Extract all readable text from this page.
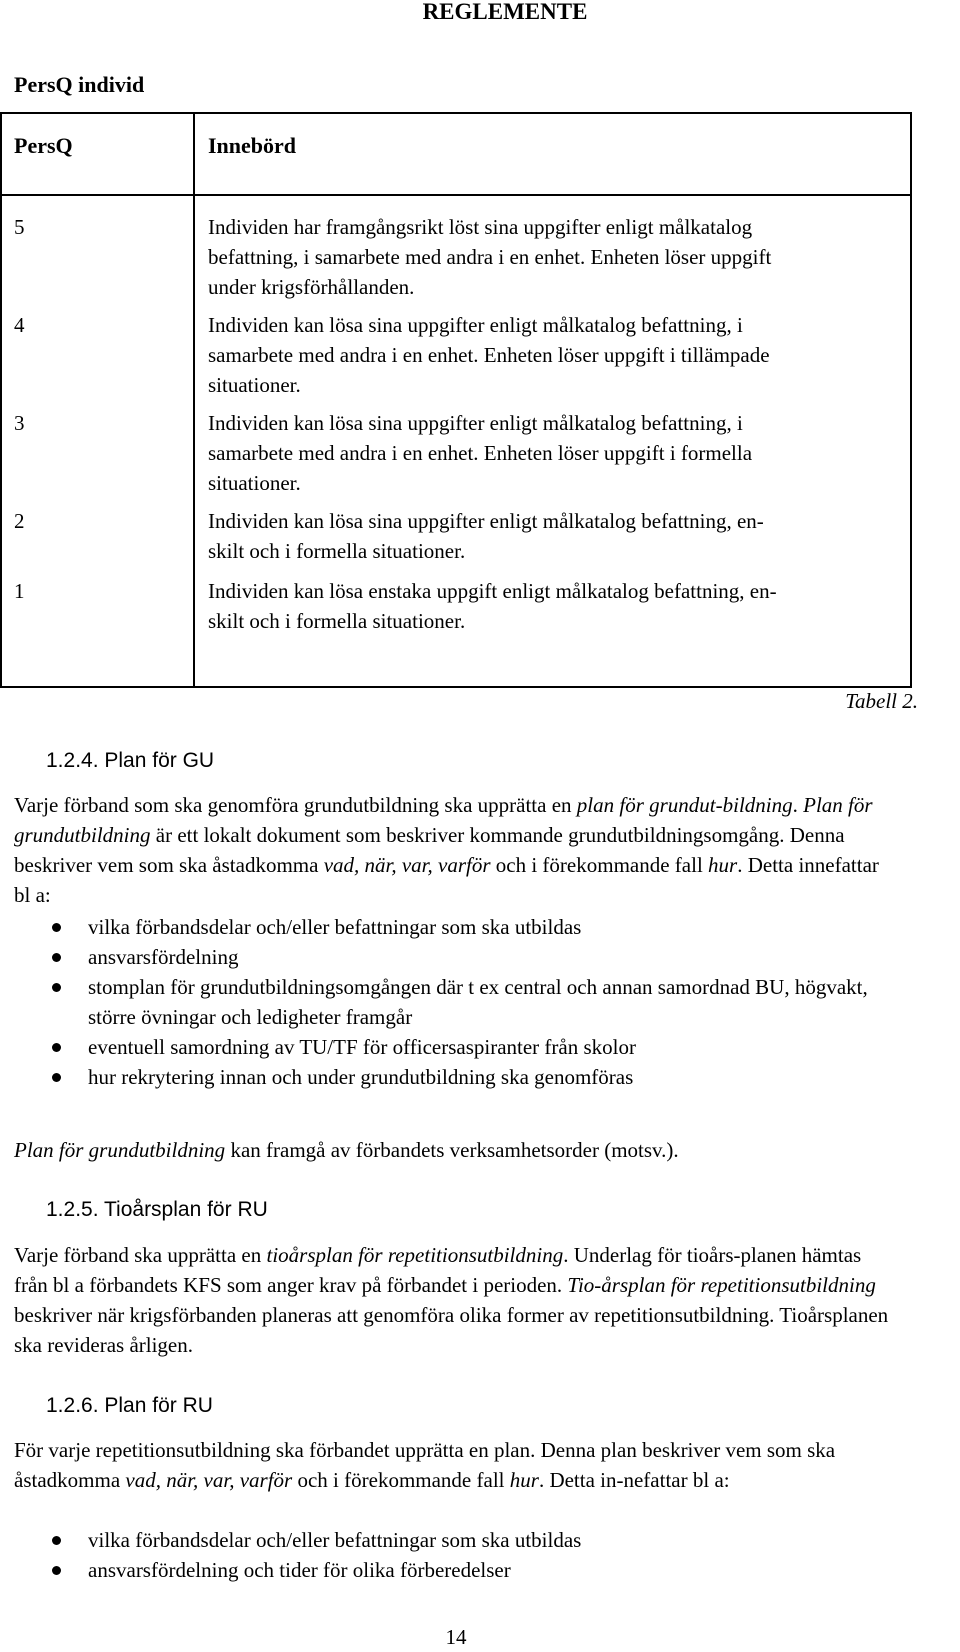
REGLEMENTE
PersQ individ
PersQ	Innebörd
5	Individen har framgångsrikt löst sina uppgifter enligt målkatalog
befattning, i samarbete med andra i en enhet. Enheten löser uppgift
under krigsförhållanden.
4	Individen kan lösa sina uppgifter enligt målkatalog befattning, i
samarbete med andra i en enhet. Enheten löser uppgift i tillämpade
situationer.
3	Individen kan lösa sina uppgifter enligt målkatalog befattning, i
samarbete med andra i en enhet. Enheten löser uppgift i formella
situationer.
2	Individen kan lösa sina uppgifter enligt målkatalog befattning, en-
skilt och i formella situationer.
1	Individen kan lösa enstaka uppgift enligt målkatalog befattning, en-
skilt och i formella situationer.
Tabell 2.
1.2.4. Plan för GU
Varje förband som ska genomföra grundutbildning ska upprätta en plan för grundut-bildning. Plan för grundutbildning är ett lokalt dokument som beskriver kommande grundutbildningsomgång. Denna beskriver vem som ska åstadkomma vad, när, var, varför och i förekommande fall hur. Detta innefattar bl a:
vilka förbandsdelar och/eller befattningar som ska utbildas
ansvarsfördelning
stomplan för grundutbildningsomgången där t ex central och annan samordnad BU, högvakt, större övningar och ledigheter framgår
eventuell samordning av TU/TF för officersaspiranter från skolor
hur rekrytering innan och under grundutbildning ska genomföras
Plan för grundutbildning kan framgå av förbandets verksamhetsorder (motsv.).
1.2.5. Tioårsplan för RU
Varje förband ska upprätta en tioårsplan för repetitionsutbildning. Underlag för tioårs-planen hämtas från bl a förbandets KFS som anger krav på förbandet i perioden. Tio-årsplan för repetitionsutbildning beskriver när krigsförbanden planeras att genomföra olika former av repetitionsutbildning. Tioårsplanen ska revideras årligen.
1.2.6. Plan för RU
För varje repetitionsutbildning ska förbandet upprätta en plan. Denna plan beskriver vem som ska åstadkomma vad, när, var, varför och i förekommande fall hur. Detta in-nefattar bl a:
vilka förbandsdelar och/eller befattningar som ska utbildas
ansvarsfördelning och tider för olika förberedelser
14
